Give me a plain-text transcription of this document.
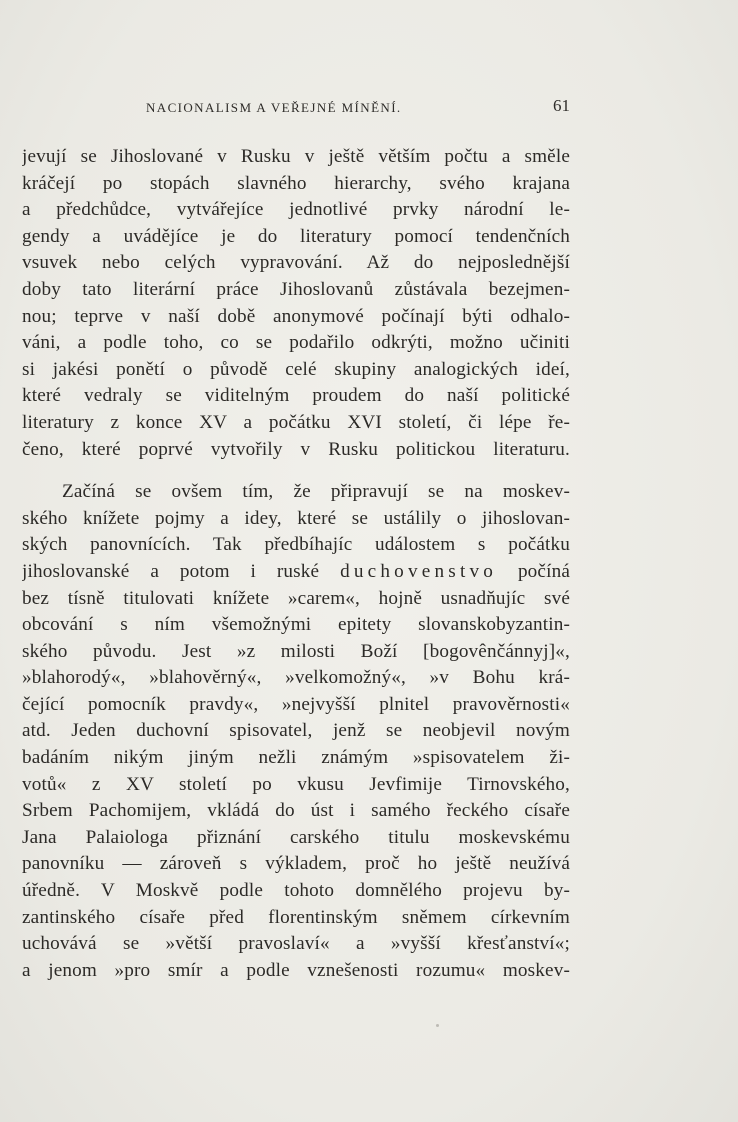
NACIONALISM A VEŘEJNÉ MÍNĚNÍ.	61
jevují se Jihoslované v Rusku v ještě větším počtu a směle
kráčejí po stopách slavného hierarchy, svého krajana
a předchůdce, vytvářejíce jednotlivé prvky národní le-
gendy a uvádějíce je do literatury pomocí tendenčních
vsuvek nebo celých vypravování. Až do nejposlednější
doby tato literární práce Jihoslovanů zůstávala bezejmen-
nou; teprve v naší době anonymové počínají býti odhalo-
váni, a podle toho, co se podařilo odkrýti, možno učiniti
si jakési ponětí o původě celé skupiny analogických ideí,
které vedraly se viditelným proudem do naší politické
literatury z konce XV a počátku XVI století, či lépe ře-
čeno, které poprvé vytvořily v Rusku politickou literaturu.
Začíná se ovšem tím, že připravují se na moskev-
ského knížete pojmy a idey, které se ustálily o jihoslovan-
ských panovnících. Tak předbíhajíc událostem s počátku
jihoslovanské a potom i ruské duchovenstvo počíná
bez tísně titulovati knížete »carem«, hojně usnadňujíc své
obcování s ním všemožnými epitety slovanskobyzantin-
ského původu. Jest »z milosti Boží [bogovênčánnyj]«,
»blahorodý«, »blahověrný«, »velkomožný«, »v Bohu krá-
čející pomocník pravdy«, »nejvyšší plnitel pravověrnosti«
atd. Jeden duchovní spisovatel, jenž se neobjevil novým
badáním nikým jiným nežli známým »spisovatelem ži-
votů« z XV století po vkusu Jevfimije Tirnovského,
Srbem Pachomijem, vkládá do úst i samého řeckého císaře
Jana Palaiologa přiznání carského titulu moskevskému
panovníku — zároveň s výkladem, proč ho ještě neužívá
úředně. V Moskvě podle tohoto domnělého projevu by-
zantinského císaře před florentinským sněmem církevním
uchovává se »větší pravoslaví« a »vyšší křesťanství«;
a jenom »pro smír a podle vznešenosti rozumu« moskev-
